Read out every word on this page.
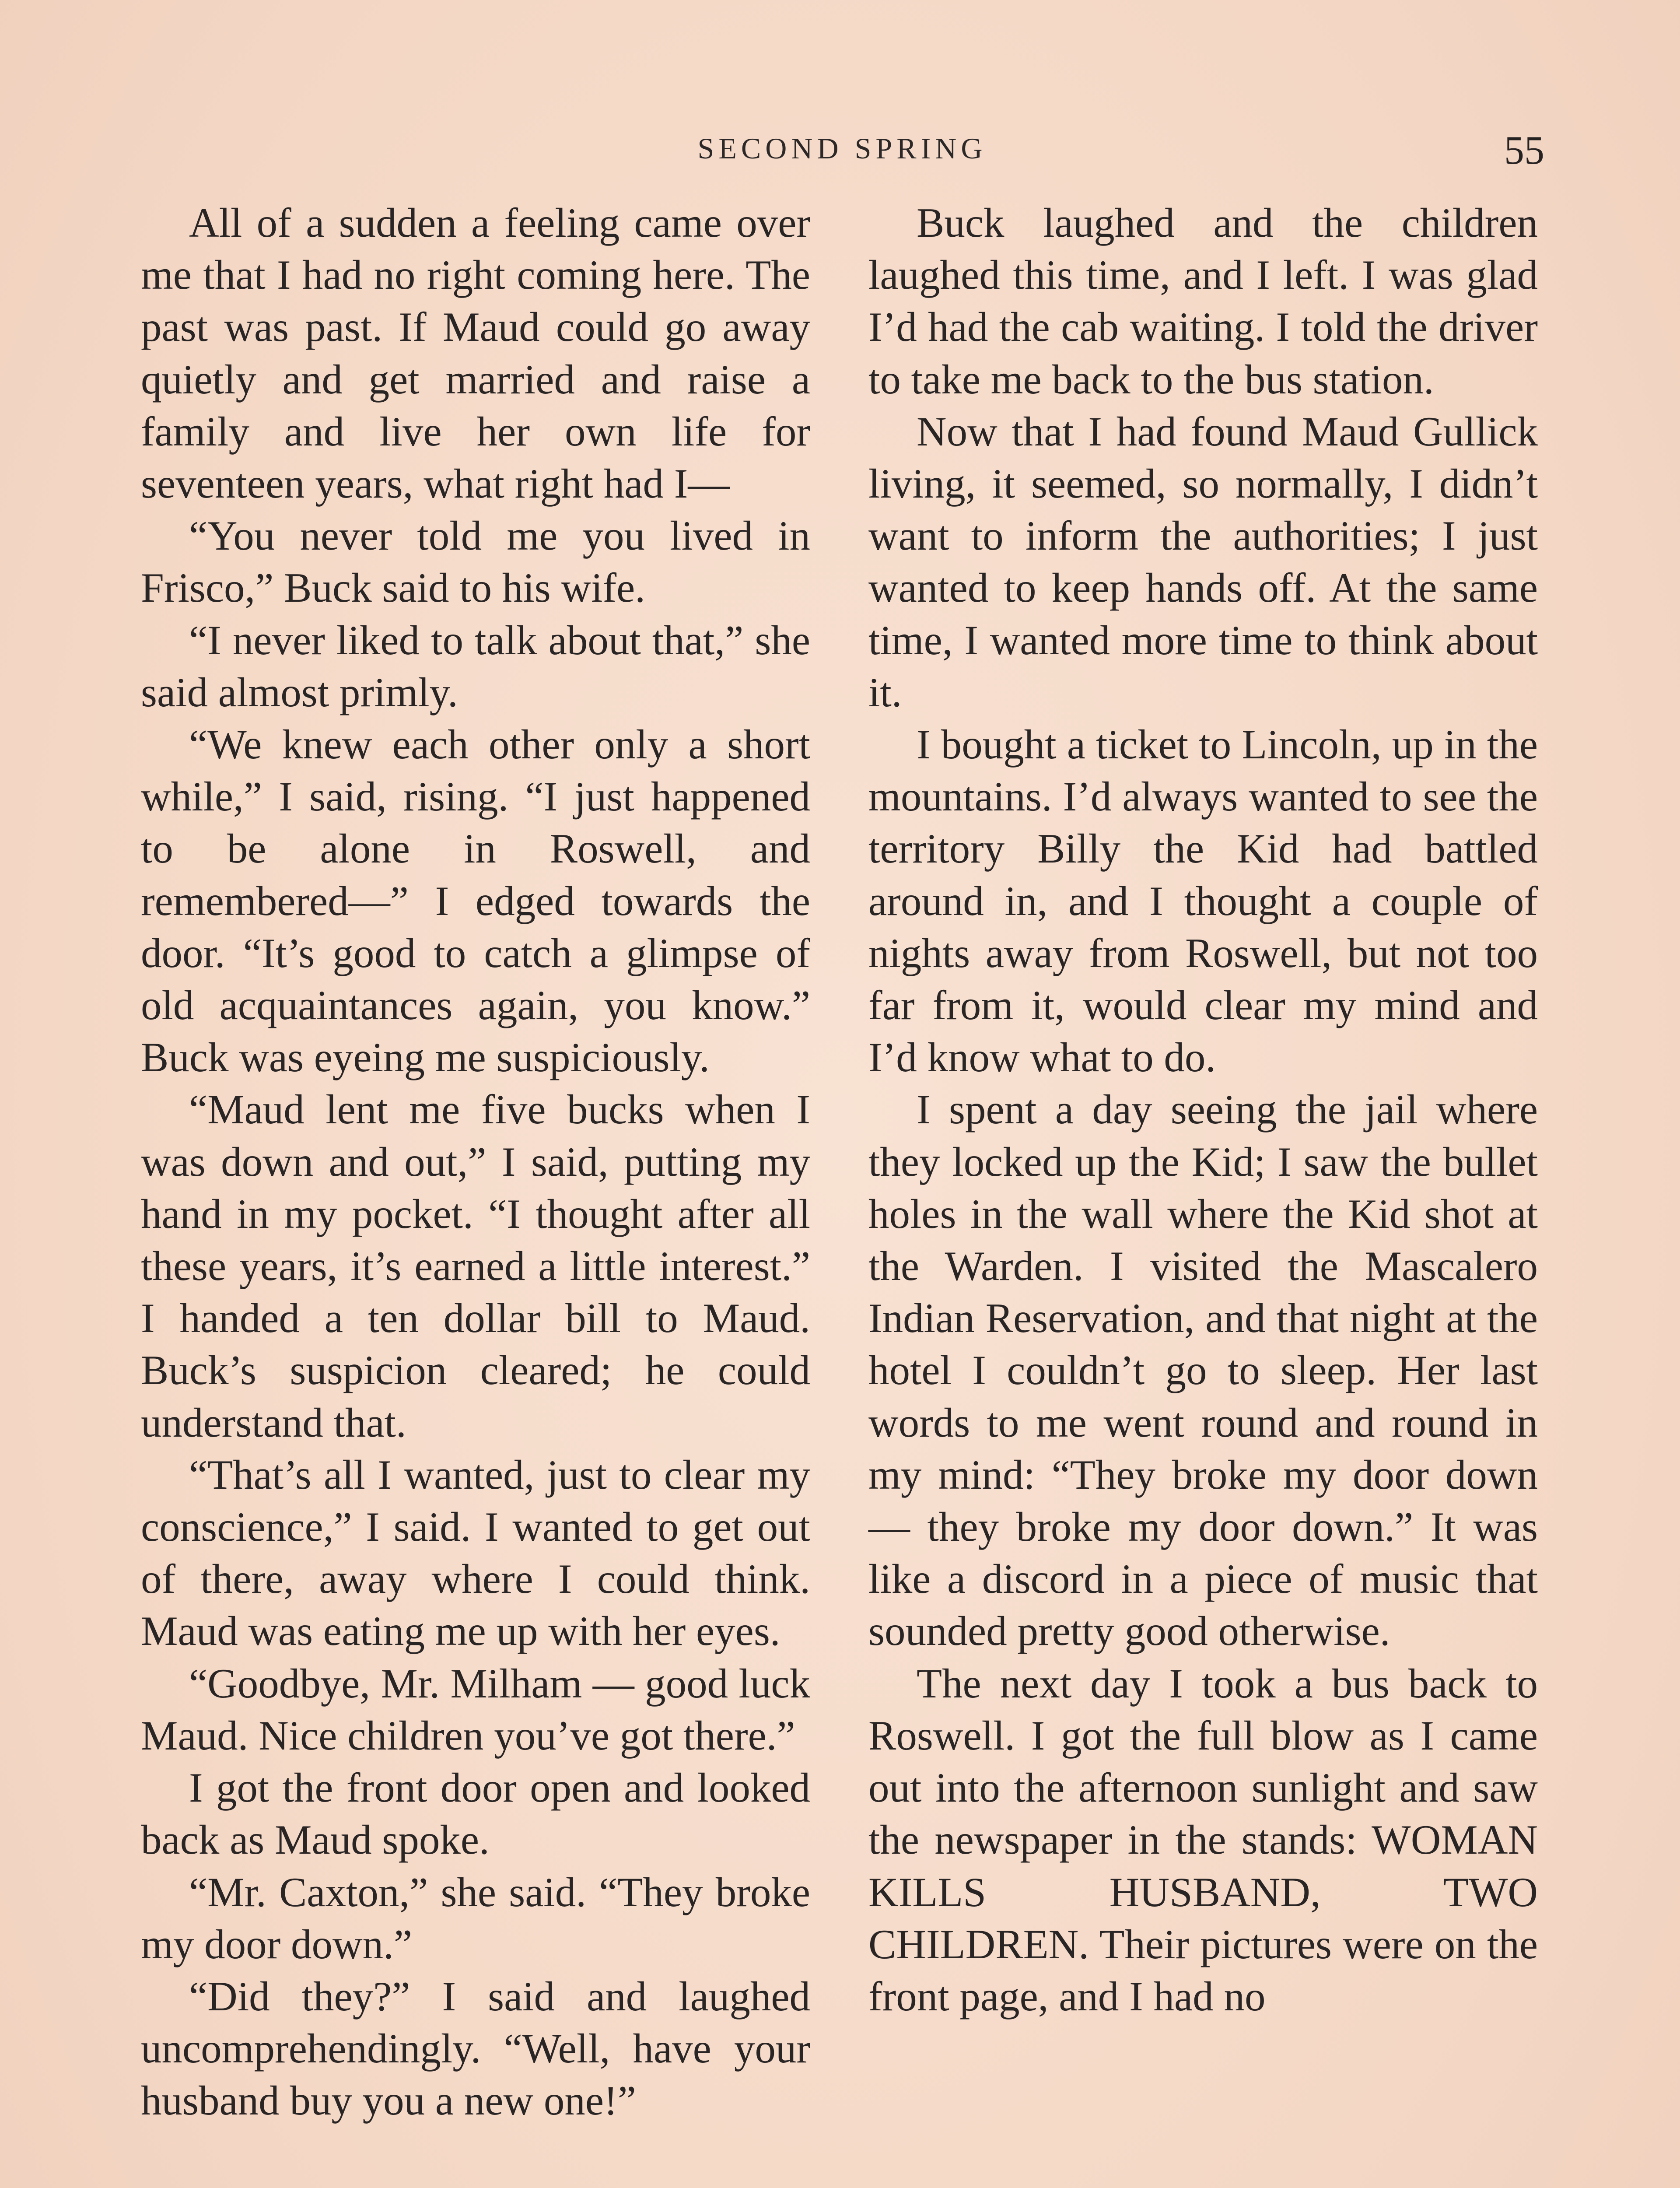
SECOND SPRING	55

All of a sudden a feeling came over me that I had no right coming here. The past was past. If Maud could go away quietly and get married and raise a family and live her own life for seventeen years, what right had I—

“You never told me you lived in Frisco,” Buck said to his wife.

“I never liked to talk about that,” she said almost primly.

“We knew each other only a short while,” I said, rising. “I just happened to be alone in Roswell, and remembered—” I edged towards the door. “It’s good to catch a glimpse of old acquaintances again, you know.” Buck was eyeing me suspiciously.

“Maud lent me five bucks when I was down and out,” I said, putting my hand in my pocket. “I thought after all these years, it’s earned a little interest.” I handed a ten dollar bill to Maud. Buck’s suspicion cleared; he could understand that.

“That’s all I wanted, just to clear my conscience,” I said. I wanted to get out of there, away where I could think. Maud was eating me up with her eyes.

“Goodbye, Mr. Milham — good luck Maud. Nice children you’ve got there.”

I got the front door open and looked back as Maud spoke.

“Mr. Caxton,” she said. “They broke my door down.”

“Did they?” I said and laughed uncomprehendingly. “Well, have your husband buy you a new one!”

Buck laughed and the children laughed this time, and I left. I was glad I’d had the cab waiting. I told the driver to take me back to the bus station.

Now that I had found Maud Gullick living, it seemed, so normally, I didn’t want to inform the authorities; I just wanted to keep hands off. At the same time, I wanted more time to think about it.

I bought a ticket to Lincoln, up in the mountains. I’d always wanted to see the territory Billy the Kid had battled around in, and I thought a couple of nights away from Roswell, but not too far from it, would clear my mind and I’d know what to do.

I spent a day seeing the jail where they locked up the Kid; I saw the bullet holes in the wall where the Kid shot at the Warden. I visited the Mascalero Indian Reservation, and that night at the hotel I couldn’t go to sleep. Her last words to me went round and round in my mind: “They broke my door down— they broke my door down.” It was like a discord in a piece of music that sounded pretty good otherwise.

The next day I took a bus back to Roswell. I got the full blow as I came out into the afternoon sunlight and saw the newspaper in the stands: WOMAN KILLS HUSBAND, TWO CHILDREN. Their pictures were on the front page, and I had no
